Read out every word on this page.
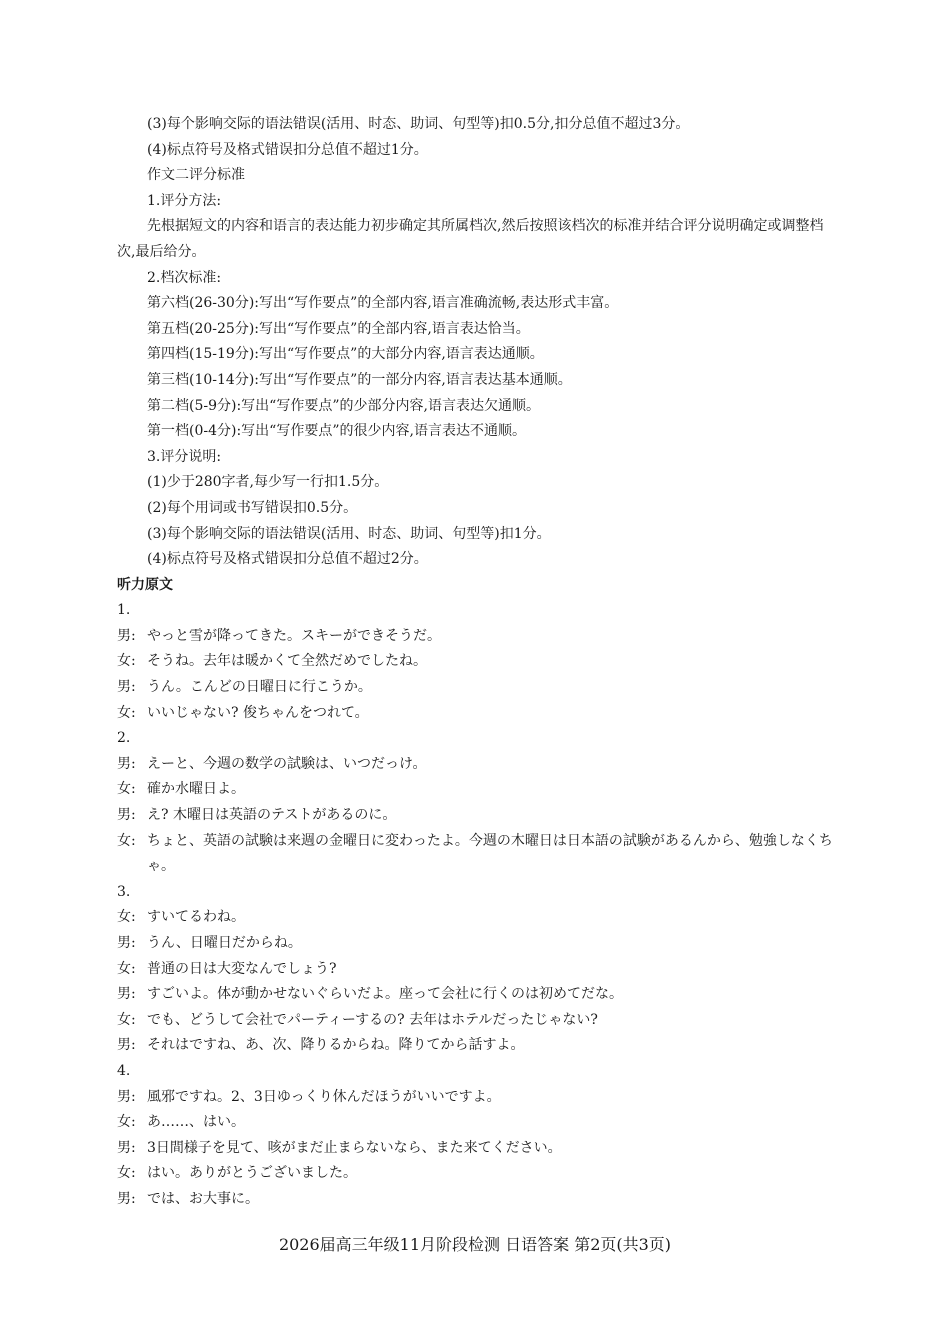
(3)每个影响交际的语法错误(活用、时态、助词、句型等)扣0.5分,扣分总值不超过3分。
(4)标点符号及格式错误扣分总值不超过1分。
作文二评分标准
1.评分方法:
先根据短文的内容和语言的表达能力初步确定其所属档次,然后按照该档次的标准并结合评分说明确定或调整档次,最后给分。
2.档次标准:
第六档(26-30分):写出“写作要点”的全部内容,语言准确流畅,表达形式丰富。
第五档(20-25分):写出“写作要点”的全部内容,语言表达恰当。
第四档(15-19分):写出“写作要点”的大部分内容,语言表达通顺。
第三档(10-14分):写出“写作要点”的一部分内容,语言表达基本通顺。
第二档(5-9分):写出“写作要点”的少部分内容,语言表达欠通顺。
第一档(0-4分):写出“写作要点”的很少内容,语言表达不通顺。
3.评分说明:
(1)少于280字者,每少写一行扣1.5分。
(2)每个用词或书写错误扣0.5分。
(3)每个影响交际的语法错误(活用、时态、助词、句型等)扣1分。
(4)标点符号及格式错误扣分总值不超过2分。
听力原文
1.
男: やっと雪が降ってきた。スキーができそうだ。
女: そうね。去年は暖かくて全然だめでしたね。
男: うん。こんどの日曜日に行こうか。
女: いいじゃない? 俊ちゃんをつれて。
2.
男: えーと、今週の数学の試験は、いつだっけ。
女: 確か水曜日よ。
男: え? 木曜日は英語のテストがあるのに。
女: ちょと、英語の試験は来週の金曜日に変わったよ。今週の木曜日は日本語の試験があるんから、勉強しなくちゃ。
3.
女: すいてるわね。
男: うん、日曜日だからね。
女: 普通の日は大変なんでしょう?
男: すごいよ。体が動かせないぐらいだよ。座って会社に行くのは初めてだな。
女: でも、どうして会社でパーティーするの? 去年はホテルだったじゃない?
男: それはですね、あ、次、降りるからね。降りてから話すよ。
4.
男: 風邪ですね。2、3日ゆっくり休んだほうがいいですよ。
女: あ……、はい。
男: 3日間様子を見て、咳がまだ止まらないなら、また来てください。
女: はい。ありがとうございました。
男: では、お大事に。
2026届高三年级11月阶段检测 日语答案 第2页(共3页)
